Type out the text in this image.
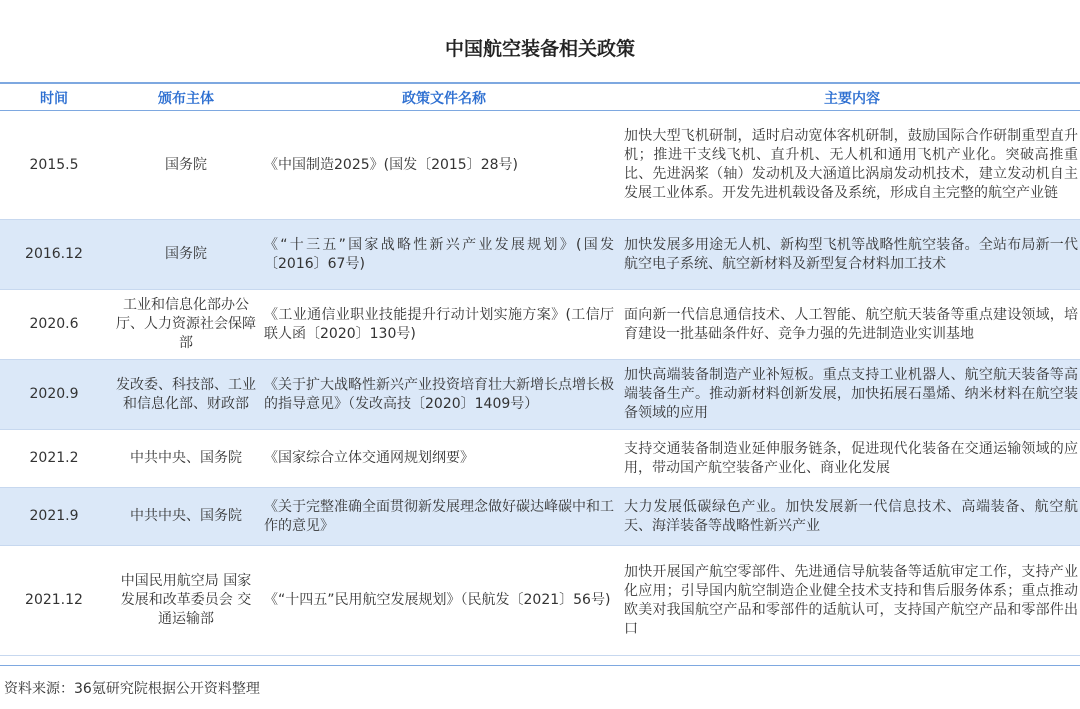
中国航空装备相关政策
时间	颁布主体	政策文件名称	主要内容
2015.5	国务院	《中国制造2025》(国发〔2015〕28号)	加快大型飞机研制，适时启动宽体客机研制，鼓励国际合作研制重型直升机；推进干支线飞机、直升机、无人机和通用飞机产业化。突破高推重比、先进涡桨（轴）发动机及大涵道比涡扇发动机技术，建立发动机自主发展工业体系。开发先进机载设备及系统，形成自主完整的航空产业链
2016.12	国务院	《“十三五”国家战略性新兴产业发展规划》(国发〔2016〕67号)	加快发展多用途无人机、新构型飞机等战略性航空装备。全站布局新一代航空电子系统、航空新材料及新型复合材料加工技术
2020.6	工业和信息化部办公厅、人力资源社会保障部	《工业通信业职业技能提升行动计划实施方案》(工信厅联人函〔2020〕130号)	面向新一代信息通信技术、人工智能、航空航天装备等重点建设领域，培育建设一批基础条件好、竞争力强的先进制造业实训基地
2020.9	发改委、科技部、工业和信息化部、财政部	《关于扩大战略性新兴产业投资培育壮大新增长点增长极的指导意见》（发改高技〔2020〕1409号）	加快高端装备制造产业补短板。重点支持工业机器人、航空航天装备等高端装备生产。推动新材料创新发展，加快拓展石墨烯、纳米材料在航空装备领域的应用
2021.2	中共中央、国务院	《国家综合立体交通网规划纲要》	支持交通装备制造业延伸服务链条，促进现代化装备在交通运输领域的应用，带动国产航空装备产业化、商业化发展
2021.9	中共中央、国务院	《关于完整准确全面贯彻新发展理念做好碳达峰碳中和工作的意见》	大力发展低碳绿色产业。加快发展新一代信息技术、高端装备、航空航天、海洋装备等战略性新兴产业
2021.12	中国民用航空局 国家发展和改革委员会 交通运输部	《“十四五”民用航空发展规划》（民航发〔2021〕56号)	加快开展国产航空零部件、先进通信导航装备等适航审定工作，支持产业化应用；引导国内航空制造企业健全技术支持和售后服务体系；重点推动欧美对我国航空产品和零部件的适航认可，支持国产航空产品和零部件出口
资料来源：36氪研究院根据公开资料整理
